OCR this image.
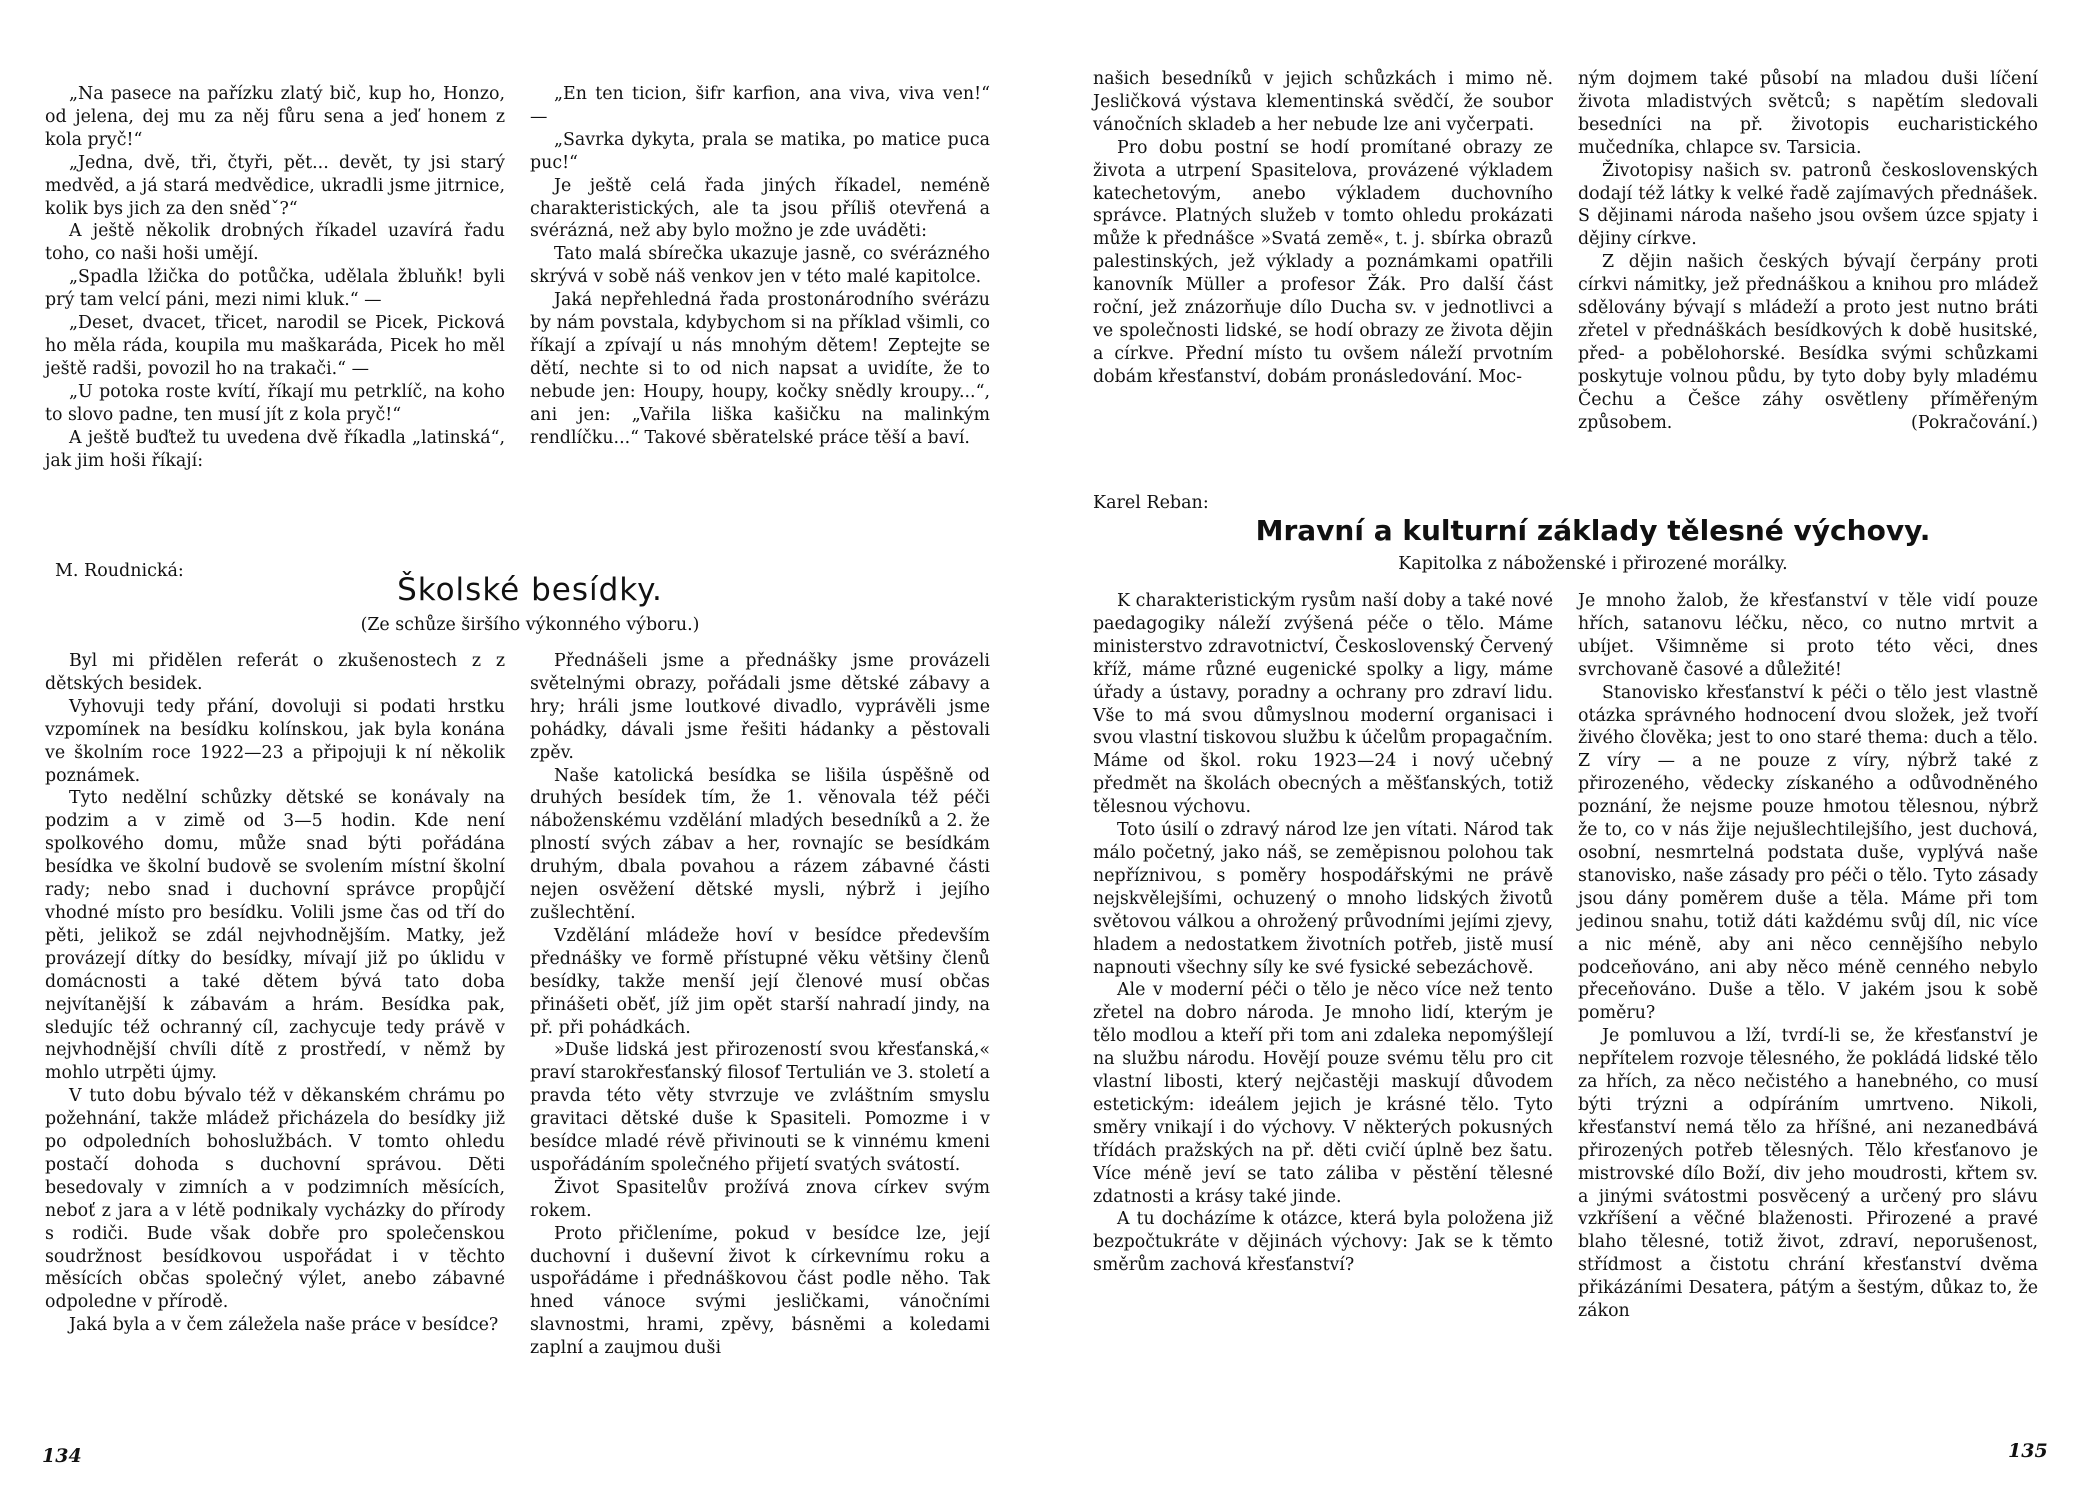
„Na pasece na pařízku zlatý bič, kup ho, Honzo, od jelena, dej mu za něj fůru sena a jeď honem z kola pryč!“

„Jedna, dvě, tři, čtyři, pět... devět, ty jsi starý medvěd, a já stará medvědice, ukradli jsme jitrnice, kolik bys jich za den snědˇ?“

A ještě několik drobných říkadel uzavírá řadu toho, co naši hoši umějí.

„Spadla lžička do potůčka, udělala žbluňk! byli prý tam velcí páni, mezi nimi kluk.“ —

„Deset, dvacet, třicet, narodil se Picek, Picková ho měla ráda, koupila mu maškaráda, Picek ho měl ještě radši, povozil ho na trakači.“ —

„U potoka roste kvítí, říkají mu petrklíč, na koho to slovo padne, ten musí jít z kola pryč!“

A ještě buďtež tu uvedena dvě říkadla „latinská“, jak jim hoši říkají:

„En ten ticion, šifr karfion, ana viva, viva ven!“ —

„Savrka dykyta, prala se matika, po matice puca puc!“

Je ještě celá řada jiných říkadel, neméně charakteristických, ale ta jsou příliš otevřená a svérázná, než aby bylo možno je zde uváděti:

Tato malá sbírečka ukazuje jasně, co svérázného skrývá v sobě náš venkov jen v této malé kapitolce.

Jaká nepřehledná řada prostonárodního svérázu by nám povstala, kdybychom si na příklad všimli, co říkají a zpívají u nás mnohým dětem! Zeptejte se dětí, nechte si to od nich napsat a uvidíte, že to nebude jen: Houpy, houpy, kočky snědly kroupy...“, ani jen: „Vařila liška kašičku na malinkým rendlíčku...“ Takové sběratelské práce těší a baví.

M. Roudnická:
Školské besídky.
(Ze schůze širšího výkonného výboru.)

Byl mi přidělen referát o zkušenostech z z dětských besidek.

Vyhovuji tedy přání, dovoluji si podati hrstku vzpomínek na besídku kolínskou, jak byla konána ve školním roce 1922—23 a připojuji k ní několik poznámek.

Tyto nedělní schůzky dětské se konávaly na podzim a v zimě od 3—5 hodin. Kde není spolkového domu, může snad býti pořádána besídka ve školní budově se svolením místní školní rady; nebo snad i duchovní správce propůjčí vhodné místo pro besídku. Volili jsme čas od tří do pěti, jelikož se zdál nejvhodnějším. Matky, jež provázejí dítky do besídky, mívají již po úklidu v domácnosti a také dětem bývá tato doba nejvítanější k zábavám a hrám. Besídka pak, sledujíc též ochranný cíl, zachycuje tedy právě v nejvhodnější chvíli dítě z prostředí, v němž by mohlo utrpěti újmy.

V tuto dobu bývalo též v děkanském chrámu po požehnání, takže mládež přicházela do besídky již po odpoledních bohoslužbách. V tomto ohledu postačí dohoda s duchovní správou. Děti besedovaly v zimních a v podzimních měsících, neboť z jara a v létě podnikaly vycházky do přírody s rodiči. Bude však dobře pro společenskou soudržnost besídkovou uspořádat i v těchto měsících občas společný výlet, anebo zábavné odpoledne v přírodě.

Jaká byla a v čem záležela naše práce v besídce?

Přednášeli jsme a přednášky jsme provázeli světelnými obrazy, pořádali jsme dětské zábavy a hry; hráli jsme loutkové divadlo, vyprávěli jsme pohádky, dávali jsme řešiti hádanky a pěstovali zpěv.

Naše katolická besídka se lišila úspěšně od druhých besídek tím, že 1. věnovala též péči náboženskému vzdělání mladých besedníků a 2. že plností svých zábav a her, rovnajíc se besídkám druhým, dbala povahou a rázem zábavné části nejen osvěžení dětské mysli, nýbrž i jejího zušlechtění.

Vzdělání mládeže hoví v besídce především přednášky ve formě přístupné věku většiny členů besídky, takže menší její členové musí občas přinášeti oběť, jíž jim opět starší nahradí jindy, na př. při pohádkách.

»Duše lidská jest přirozeností svou křesťanská,« praví starokřesťanský filosof Tertulián ve 3. století a pravda této věty stvrzuje ve zvláštním smyslu gravitaci dětské duše k Spasiteli. Pomozme i v besídce mladé révě přivinouti se k vinnému kmeni uspořádáním společného přijetí svatých svátostí.

Život Spasitelův prožívá znova církev svým rokem.

Proto přičleníme, pokud v besídce lze, její duchovní i duševní život k církevnímu roku a uspořádáme i přednáškovou část podle něho. Tak hned vánoce svými jesličkami, vánočními slavnostmi, hrami, zpěvy, básněmi a koledami zaplní a zaujmou duši

134

našich besedníků v jejich schůzkách i mimo ně. Jesličková výstava klementinská svědčí, že soubor vánočních skladeb a her nebude lze ani vyčerpati.

Pro dobu postní se hodí promítané obrazy ze života a utrpení Spasitelova, provázené výkladem katechetovým, anebo výkladem duchovního správce. Platných služeb v tomto ohledu prokázati může k přednášce »Svatá země«, t. j. sbírka obrazů palestinských, jež výklady a poznámkami opatřili kanovník Müller a profesor Žák. Pro další část roční, jež znázorňuje dílo Ducha sv. v jednotlivci a ve společnosti lidské, se hodí obrazy ze života dějin a církve. Přední místo tu ovšem náleží prvotním dobám křesťanství, dobám pronásledování. Moc-

ným dojmem také působí na mladou duši líčení života mladistvých světců; s napětím sledovali besedníci na př. životopis eucharistického mučedníka, chlapce sv. Tarsicia.

Životopisy našich sv. patronů československých dodají též látky k velké řadě zajímavých přednášek. S dějinami národa našeho jsou ovšem úzce spjaty i dějiny církve.

Z dějin našich českých bývají čerpány proti církvi námitky, jež přednáškou a knihou pro mládež sdělovány bývají s mládeží a proto jest nutno bráti zřetel v přednáškách besídkových k době husitské, před- a pobělohorské. Besídka svými schůzkami poskytuje volnou půdu, by tyto doby byly mladému Čechu a Češce záhy osvětleny příměřeným způsobem.	(Pokračování.)

Karel Reban:
Mravní a kulturní základy tělesné výchovy.
Kapitolka z náboženské i přirozené morálky.

K charakteristickým rysům naší doby a také nové paedagogiky náleží zvýšená péče o tělo. Máme ministerstvo zdravotnictví, Československý Červený kříž, máme různé eugenické spolky a ligy, máme úřady a ústavy, poradny a ochrany pro zdraví lidu. Vše to má svou důmyslnou moderní organisaci i svou vlastní tiskovou službu k účelům propagačním. Máme od škol. roku 1923—24 i nový učebný předmět na školách obecných a měšťanských, totiž tělesnou výchovu.

Toto úsilí o zdravý národ lze jen vítati. Národ tak málo početný, jako náš, se zeměpisnou polohou tak nepříznivou, s poměry hospodářskými ne právě nejskvělejšími, ochuzený o mnoho lidských životů světovou válkou a ohrožený průvodními jejími zjevy, hladem a nedostatkem životních potřeb, jistě musí napnouti všechny síly ke své fysické sebezáchově.

Ale v moderní péči o tělo je něco více než tento zřetel na dobro národa. Je mnoho lidí, kterým je tělo modlou a kteří při tom ani zdaleka nepomýšlejí na službu národu. Hovějí pouze svému tělu pro cit vlastní libosti, který nejčastěji maskují důvodem estetickým: ideálem jejich je krásné tělo. Tyto směry vnikají i do výchovy. V některých pokusných třídách pražských na př. děti cvičí úplně bez šatu. Více méně jeví se tato záliba v pěstění tělesné zdatnosti a krásy také jinde.

A tu docházíme k otázce, která byla položena již bezpočtukráte v dějinách výchovy: Jak se k těmto směrům zachová křesťanství?

Je mnoho žalob, že křesťanství v těle vidí pouze hřích, satanovu léčku, něco, co nutno mrtvit a ubíjet. Všimněme si proto této věci, dnes svrchovaně časové a důležité!

Stanovisko křesťanství k péči o tělo jest vlastně otázka správného hodnocení dvou složek, jež tvoří živého člověka; jest to ono staré thema: duch a tělo. Z víry — a ne pouze z víry, nýbrž také z přirozeného, vědecky získaného a odůvodněného poznání, že nejsme pouze hmotou tělesnou, nýbrž že to, co v nás žije nejušlechtilejšího, jest duchová, osobní, nesmrtelná podstata duše, vyplývá naše stanovisko, naše zásady pro péči o tělo. Tyto zásady jsou dány poměrem duše a těla. Máme při tom jedinou snahu, totiž dáti každému svůj díl, nic více a nic méně, aby ani něco cennějšího nebylo podceňováno, ani aby něco méně cenného nebylo přeceňováno. Duše a tělo. V jakém jsou k sobě poměru?

Je pomluvou a lží, tvrdí-li se, že křesťanství je nepřítelem rozvoje tělesného, že pokládá lidské tělo za hřích, za něco nečistého a hanebného, co musí býti trýzni a odpíráním umrtveno. Nikoli, křesťanství nemá tělo za hříšné, ani nezanedbává přirozených potřeb tělesných. Tělo křesťanovo je mistrovské dílo Boží, div jeho moudrosti, křtem sv. a jinými svátostmi posvěcený a určený pro slávu vzkříšení a věčné blaženosti. Přirozené a pravé blaho tělesné, totiž život, zdraví, neporušenost, střídmost a čistotu chrání křesťanství dvěma přikázáními Desatera, pátým a šestým, důkaz to, že zákon

135
